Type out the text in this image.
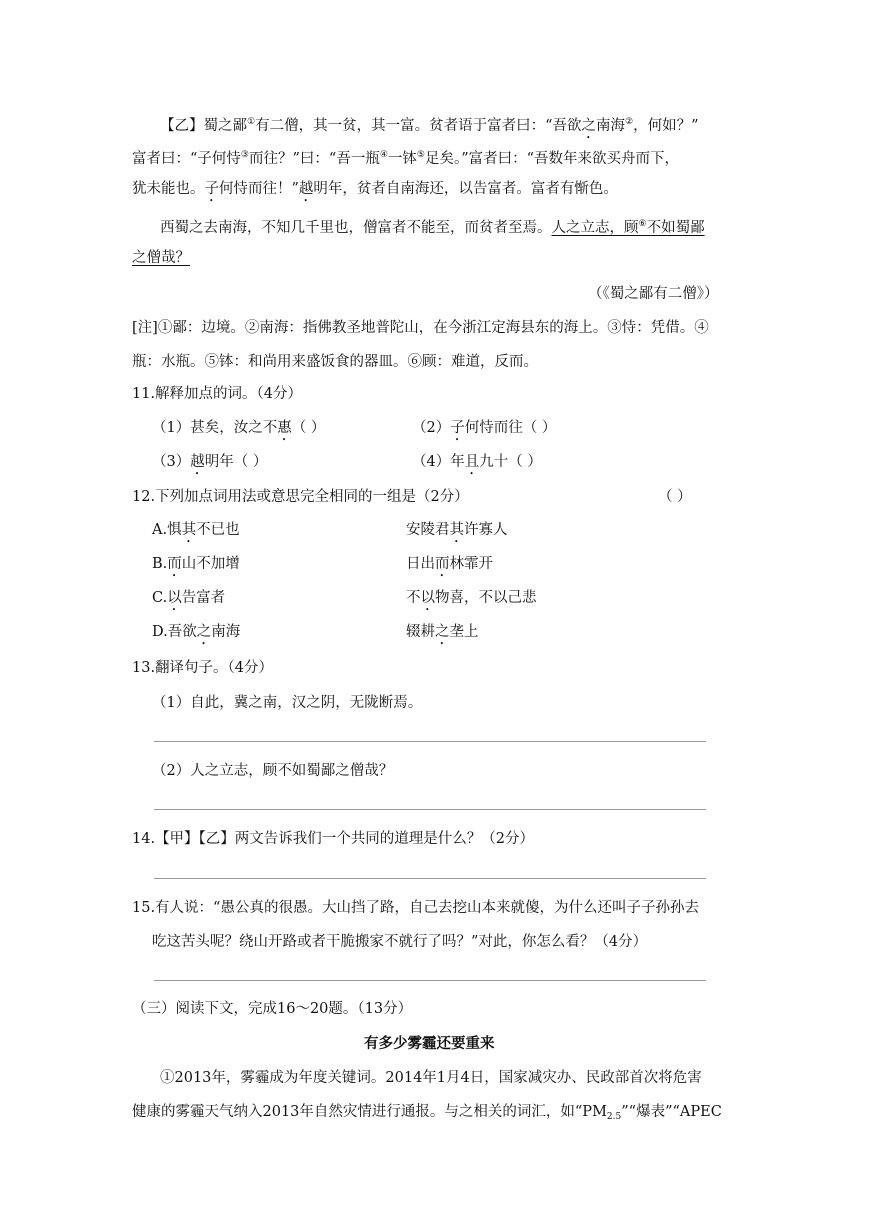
【乙】蜀之鄙①有二僧，其一贫，其一富。贫者语于富者曰：“吾欲之南海②，何如？”
富者曰：“子何恃③而往？”曰：“吾一瓶④一钵⑤足矣。”富者曰：“吾数年来欲买舟而下，
犹未能也。子何恃而往！”越明年，贫者自南海还，以告富者。富者有惭色。
西蜀之去南海，不知几千里也，僧富者不能至，而贫者至焉。人之立志，顾⑥不如蜀鄙
之僧哉？
（《蜀之鄙有二僧》）
[注]①鄙：边境。②南海：指佛教圣地普陀山，在今浙江定海县东的海上。③恃：凭借。④
瓶：水瓶。⑤钵：和尚用来盛饭食的器皿。⑥顾：难道，反而。
11.解释加点的词。（4分）
（1）甚矣，汝之不惠（ ）	（2）子何恃而往（ ）
（3）越明年（ ）	（4）年且九十（ ）
12.下列加点词用法或意思完全相同的一组是（2分）	（ ）
A.惧其不已也	安陵君其许寡人
B.而山不加增	日出而林霏开
C.以告富者	不以物喜，不以己悲
D.吾欲之南海	辍耕之垄上
13.翻译句子。（4分）
（1）自此，冀之南，汉之阴，无陇断焉。
（2）人之立志，顾不如蜀鄙之僧哉？
14.【甲】【乙】两文告诉我们一个共同的道理是什么？（2分）
15.有人说：“愚公真的很愚。大山挡了路，自己去挖山本来就傻，为什么还叫子子孙孙去
吃这苦头呢？绕山开路或者干脆搬家不就行了吗？”对此，你怎么看？（4分）
（三）阅读下文，完成16～20题。（13分）
有多少雾霾还要重来
①2013年，雾霾成为年度关键词。2014年1月4日，国家减灾办、民政部首次将危害
健康的雾霾天气纳入2013年自然灾情进行通报。与之相关的词汇，如“$PM_{2.5}”“$爆表”“APEC
